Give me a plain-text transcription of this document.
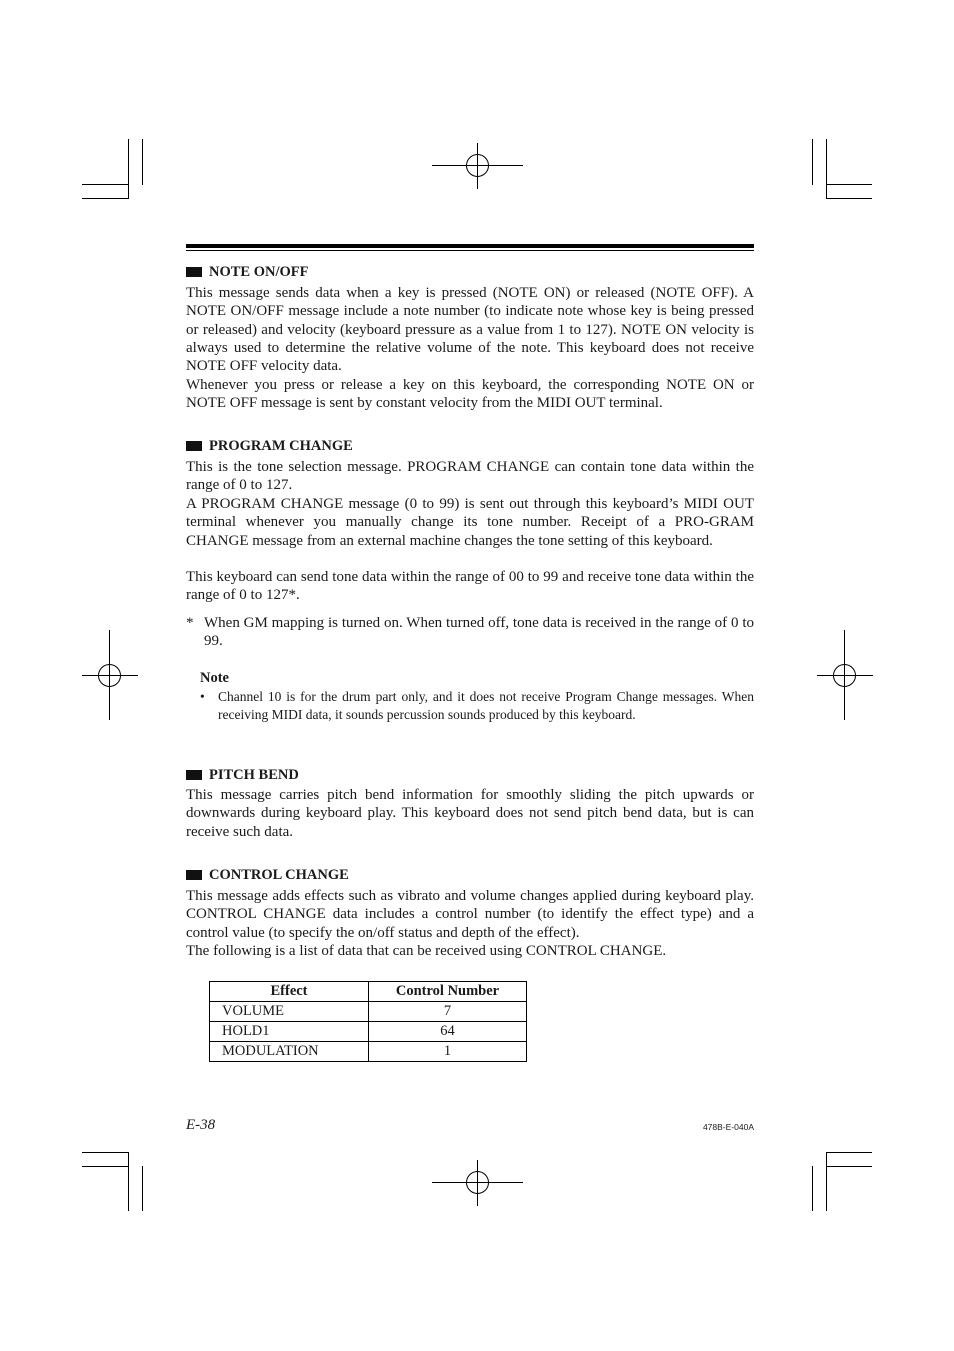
NOTE ON/OFF
This message sends data when a key is pressed (NOTE ON) or released (NOTE OFF). A NOTE ON/OFF message include a note number (to indicate note whose key is being pressed or released) and velocity (keyboard pressure as a value from 1 to 127). NOTE ON velocity is always used to determine the relative volume of the note. This keyboard does not receive NOTE OFF velocity data.
Whenever you press or release a key on this keyboard, the corresponding NOTE ON or NOTE OFF message is sent by constant velocity from the MIDI OUT terminal.
PROGRAM CHANGE
This is the tone selection message. PROGRAM CHANGE can contain tone data within the range of 0 to 127.
A PROGRAM CHANGE message (0 to 99) is sent out through this keyboard’s MIDI OUT terminal whenever you manually change its tone number. Receipt of a PRO-GRAM CHANGE message from an external machine changes the tone setting of this keyboard.
This keyboard can send tone data within the range of 00 to 99 and receive tone data within the range of 0 to 127*.
* When GM mapping is turned on. When turned off, tone data is received in the range of 0 to 99.
Note
• Channel 10 is for the drum part only, and it does not receive Program Change messages. When receiving MIDI data, it sounds percussion sounds produced by this keyboard.
PITCH BEND
This message carries pitch bend information for smoothly sliding the pitch upwards or downwards during keyboard play. This keyboard does not send pitch bend data, but is can receive such data.
CONTROL CHANGE
This message adds effects such as vibrato and volume changes applied during keyboard play. CONTROL CHANGE data includes a control number (to identify the effect type) and a control value (to specify the on/off status and depth of the effect).
The following is a list of data that can be received using CONTROL CHANGE.
Effect	Control Number
VOLUME	7
HOLD1	64
MODULATION	1
E-38	478B-E-040A
